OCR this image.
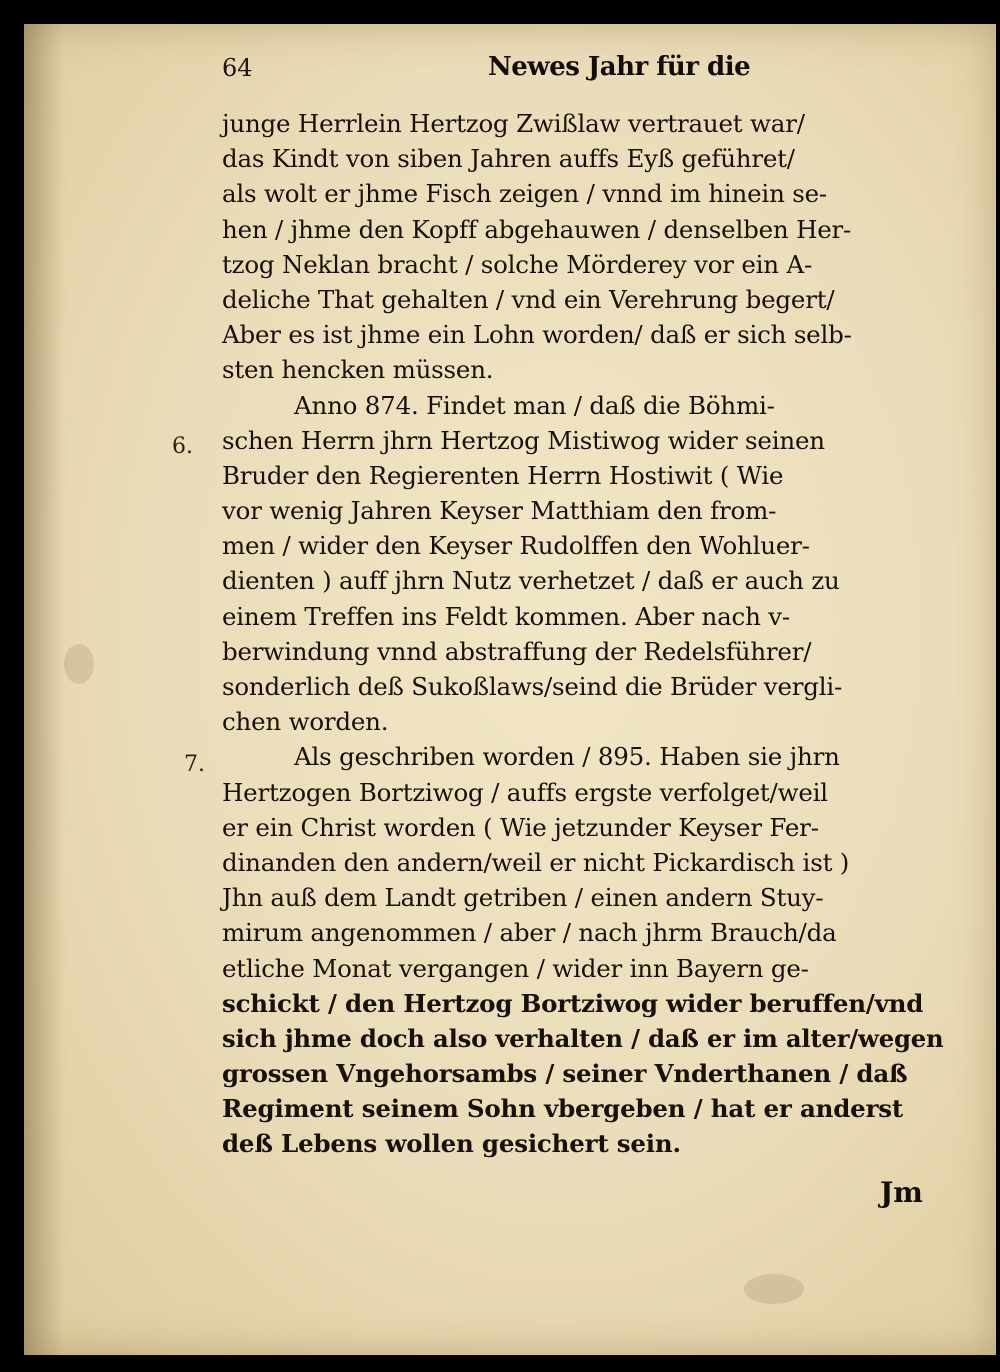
64	Newes Jahr für die
6.
7.
junge Herrlein Hertzog Zwißlaw vertrauet war/
das Kindt von siben Jahren auffs Eyß geführet/
als wolt er jhme Fisch zeigen / vnnd im hinein se-
hen / jhme den Kopff abgehauwen / denselben Her-
tzog Neklan bracht / solche Mörderey vor ein A-
deliche That gehalten / vnd ein Verehrung begert/
Aber es ist jhme ein Lohn worden/ daß er sich selb-
sten hencken müssen.
Anno 874. Findet man / daß die Böhmi-
schen Herrn jhrn Hertzog Mistiwog wider seinen
Bruder den Regierenten Herrn Hostiwit ( Wie
vor wenig Jahren Keyser Matthiam den from-
men / wider den Keyser Rudolffen den Wohluer-
dienten ) auff jhrn Nutz verhetzet / daß er auch zu
einem Treffen ins Feldt kommen. Aber nach v-
berwindung vnnd abstraffung der Redelsführer/
sonderlich deß Sukoßlaws/seind die Brüder vergli-
chen worden.
Als geschriben worden / 895. Haben sie jhrn
Hertzogen Bortziwog / auffs ergste verfolget/weil
er ein Christ worden ( Wie jetzunder Keyser Fer-
dinanden den andern/weil er nicht Pickardisch ist )
Jhn auß dem Landt getriben / einen andern Stuy-
mirum angenommen / aber / nach jhrm Brauch/da
etliche Monat vergangen / wider inn Bayern ge-
schickt / den Hertzog Bortziwog wider beruffen/vnd
sich jhme doch also verhalten / daß er im alter/wegen
grossen Vngehorsambs / seiner Vnderthanen / daß
Regiment seinem Sohn vbergeben / hat er anderst
deß Lebens wollen gesichert sein.
Jm
